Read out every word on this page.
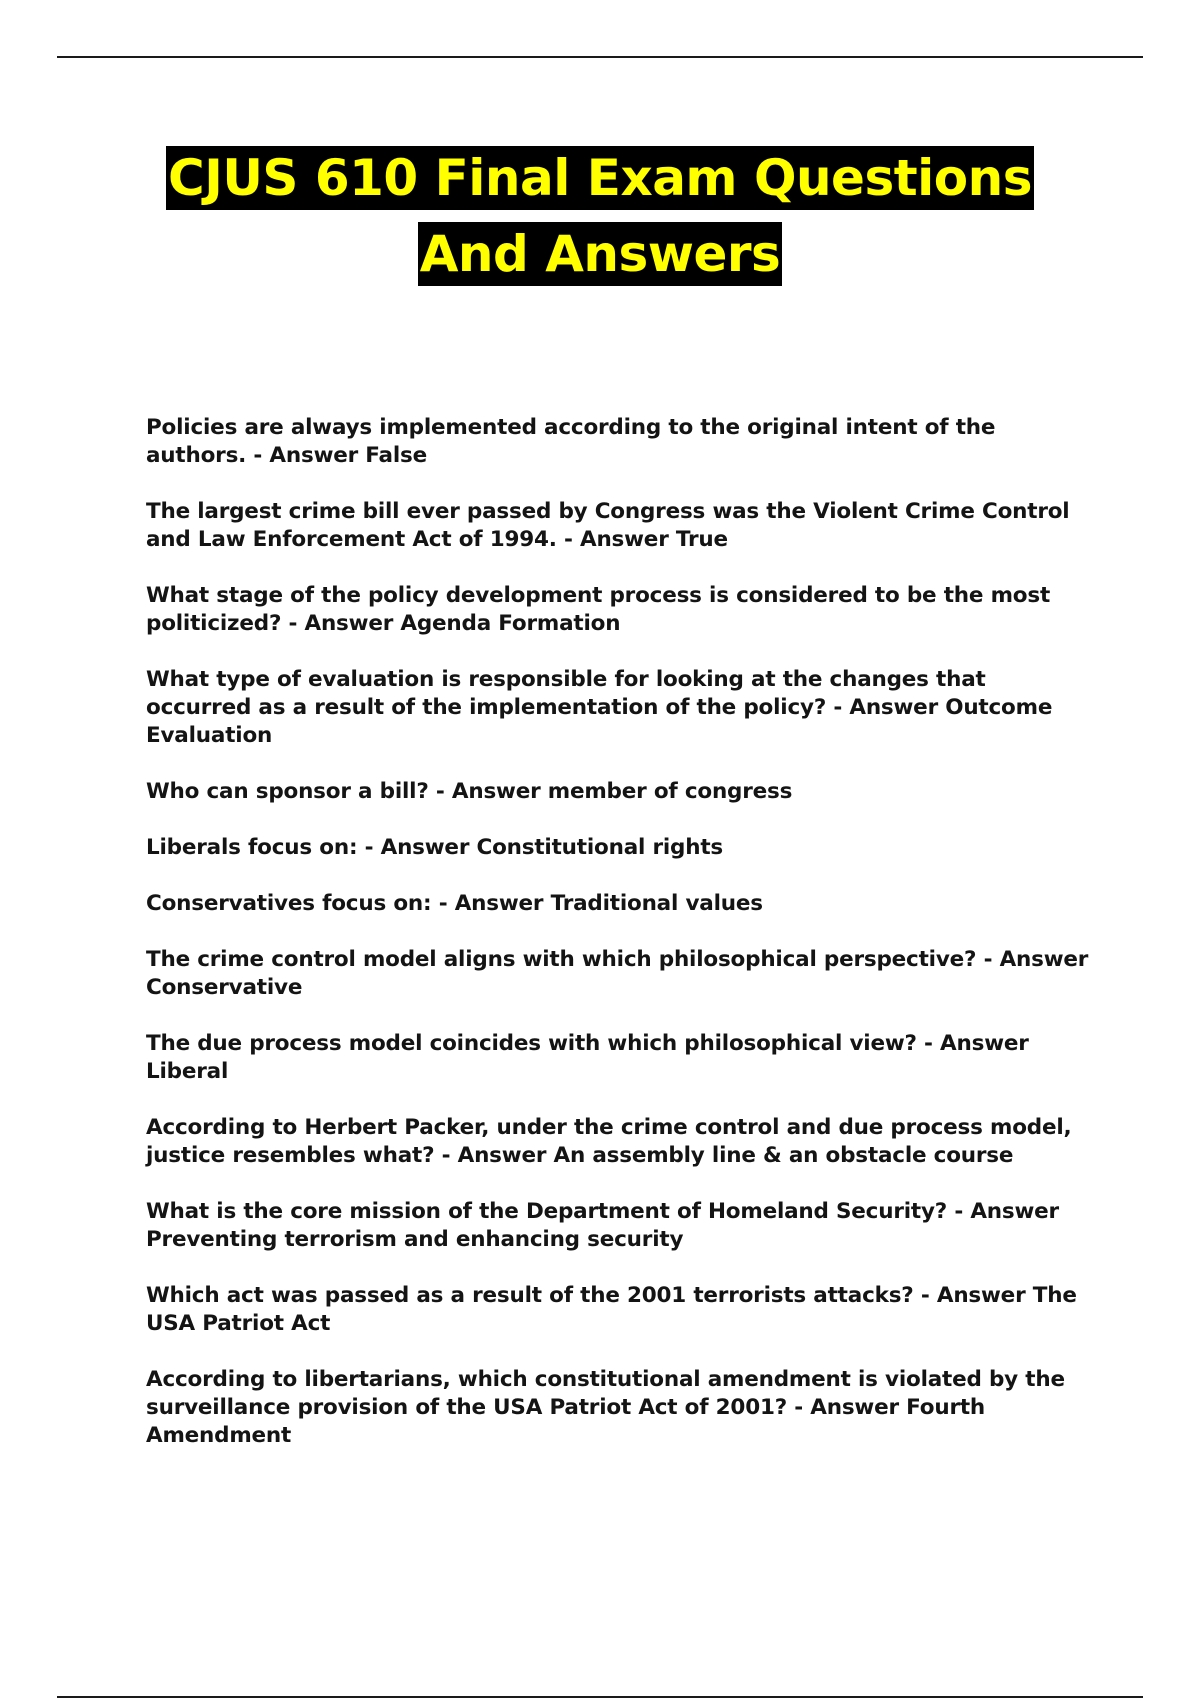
CJUS 610 Final Exam Questions
And Answers
Policies are always implemented according to the original intent of the authors. - Answer False
The largest crime bill ever passed by Congress was the Violent Crime Control and Law Enforcement Act of 1994. - Answer True
What stage of the policy development process is considered to be the most politicized? - Answer Agenda Formation
What type of evaluation is responsible for looking at the changes that occurred as a result of the implementation of the policy? - Answer Outcome Evaluation
Who can sponsor a bill? - Answer member of congress
Liberals focus on: - Answer Constitutional rights
Conservatives focus on: - Answer Traditional values
The crime control model aligns with which philosophical perspective? - Answer Conservative
The due process model coincides with which philosophical view? - Answer Liberal
According to Herbert Packer, under the crime control and due process model, justice resembles what? - Answer An assembly line & an obstacle course
What is the core mission of the Department of Homeland Security? - Answer Preventing terrorism and enhancing security
Which act was passed as a result of the 2001 terrorists attacks? - Answer The USA Patriot Act
According to libertarians, which constitutional amendment is violated by the surveillance provision of the USA Patriot Act of 2001? - Answer Fourth Amendment
